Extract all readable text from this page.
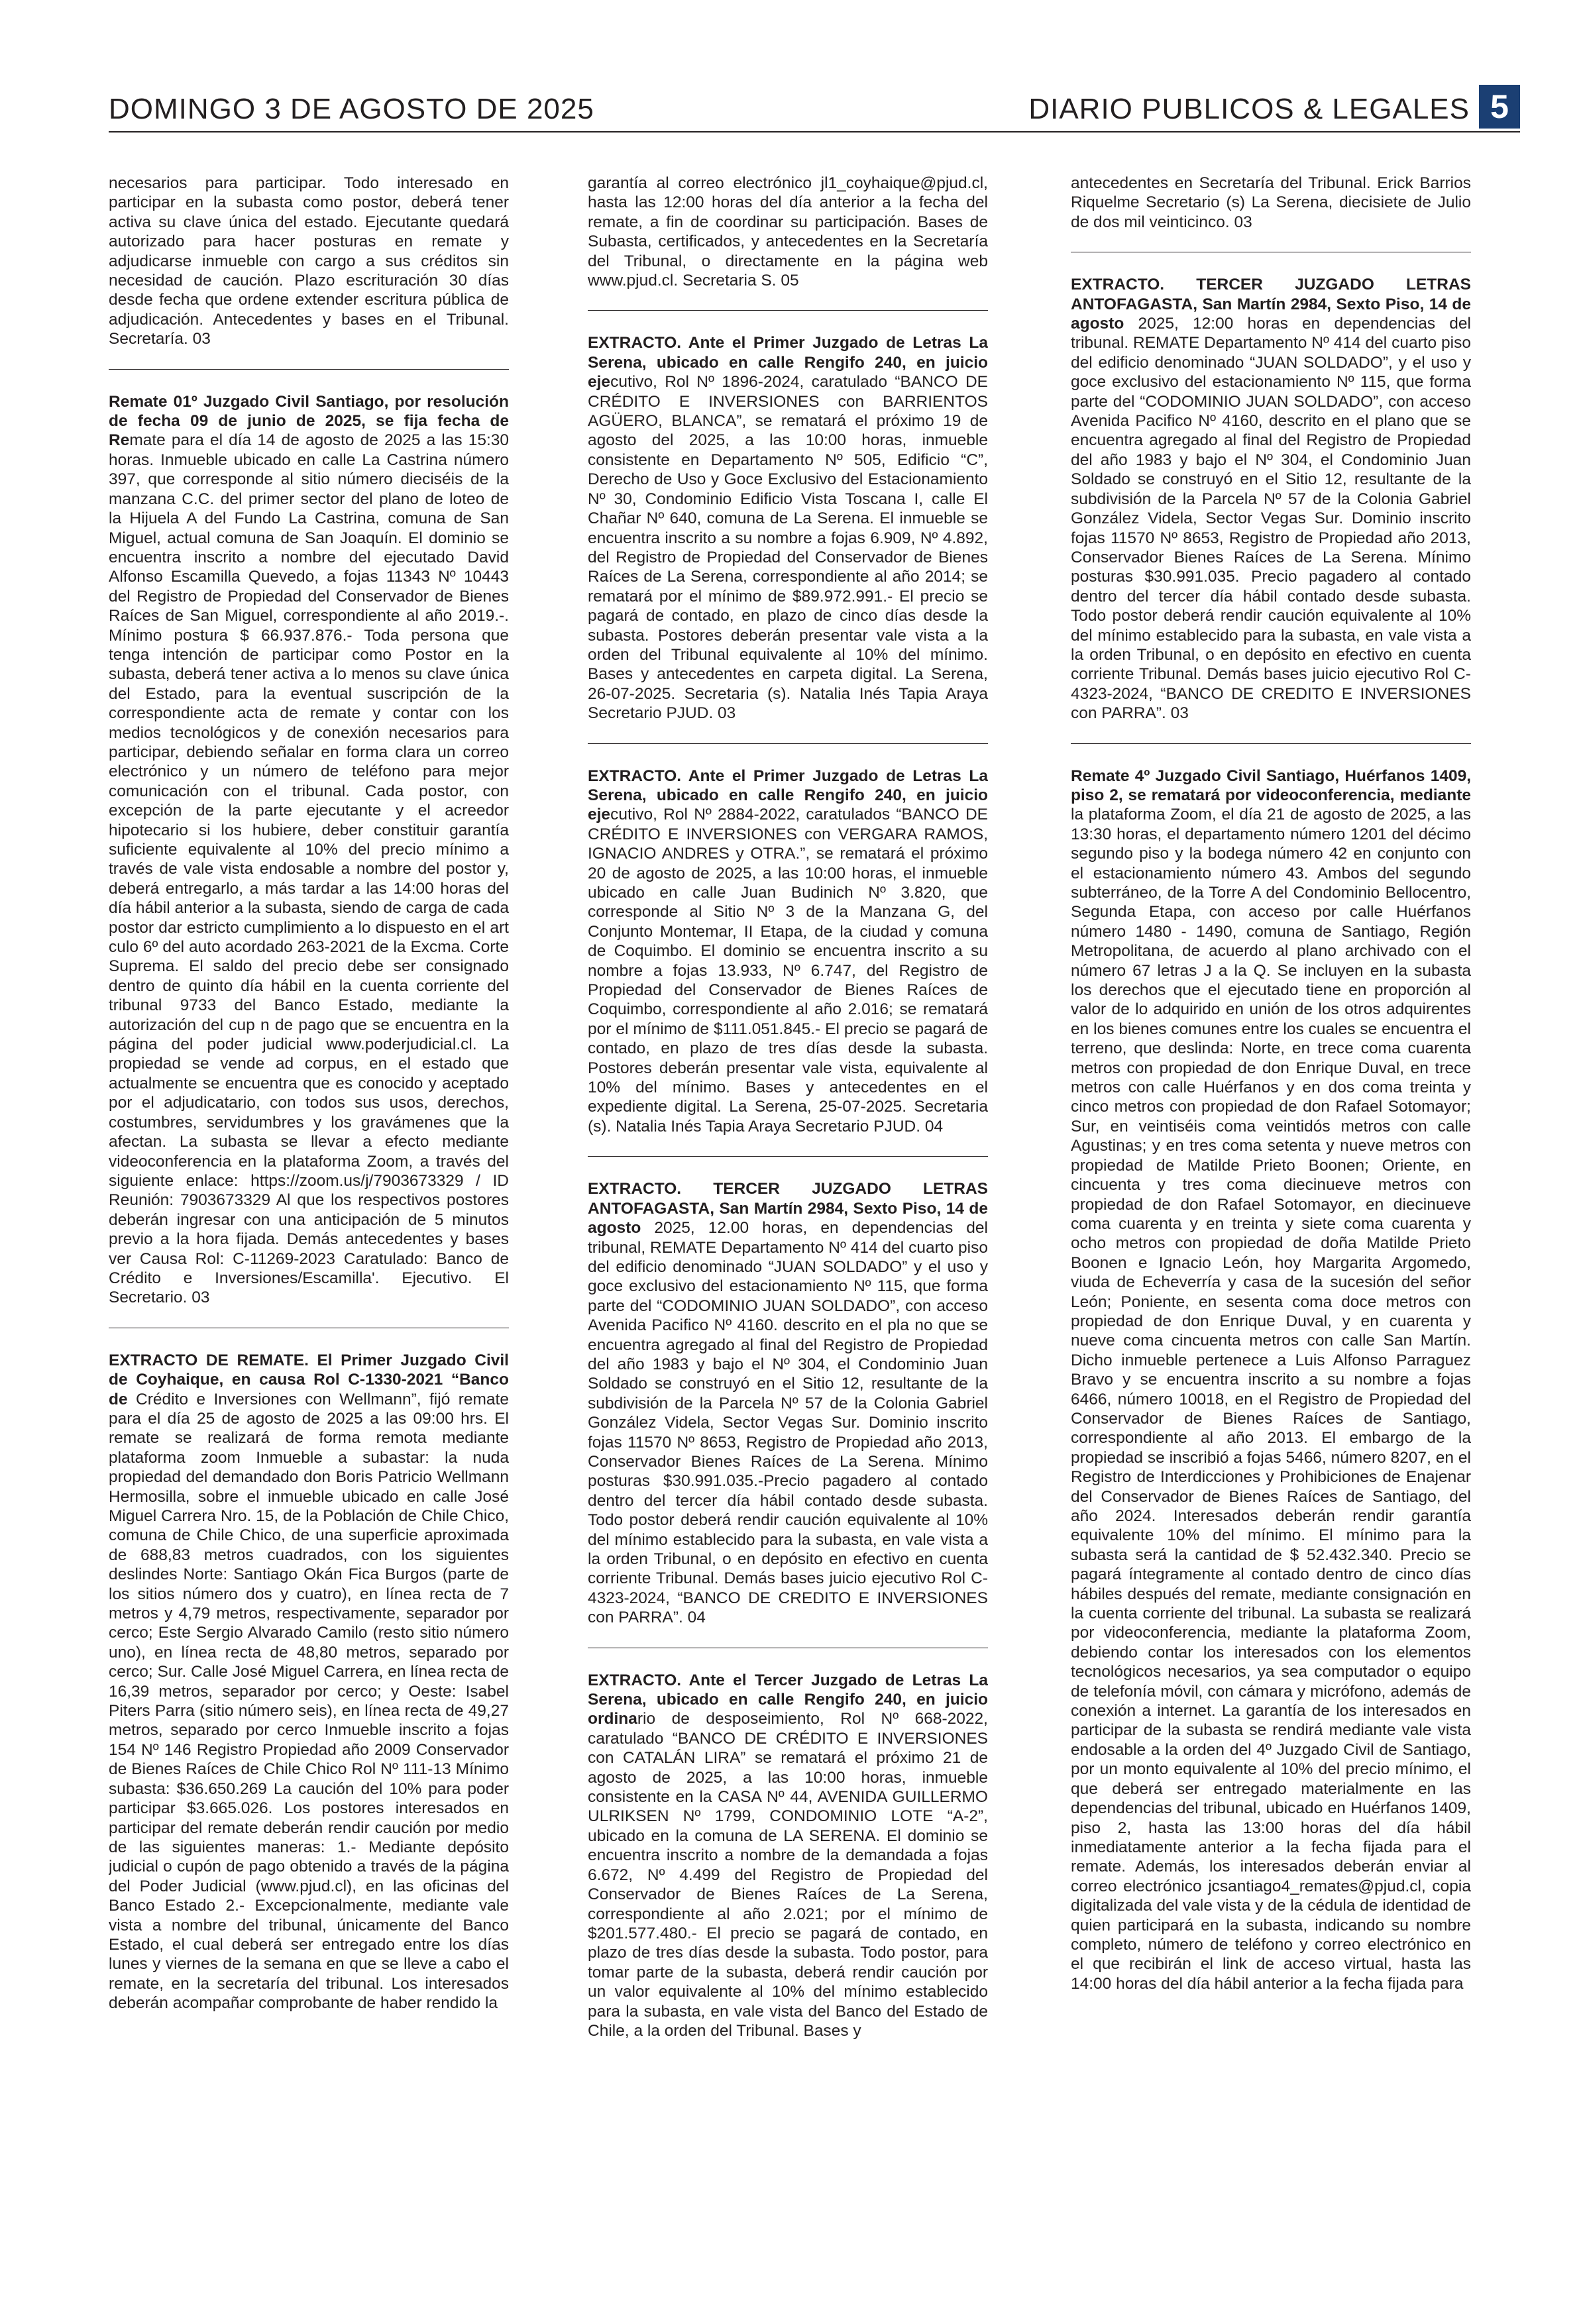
DOMINGO 3 DE AGOSTO DE 2025	DIARIO PUBLICOS & LEGALES 5

necesarios para participar. Todo interesado en participar en la subasta como postor, deberá tener activa su clave única del estado. Ejecutante quedará autorizado para hacer posturas en remate y adjudicarse inmueble con cargo a sus créditos sin necesidad de caución. Plazo escrituración 30 días desde fecha que ordene extender escritura pública de adjudicación. Antecedentes y bases en el Tribunal. Secretaría. 03

Remate 01º Juzgado Civil Santiago, por resolución de fecha 09 de junio de 2025, se fija fecha de Remate para el día 14 de agosto de 2025 a las 15:30 horas. Inmueble ubicado en calle La Castrina número 397, que corresponde al sitio número dieciséis de la manzana C.C. del primer sector del plano de loteo de la Hijuela A del Fundo La Castrina, comuna de San Miguel, actual comuna de San Joaquín. El dominio se encuentra inscrito a nombre del ejecutado David Alfonso Escamilla Quevedo, a fojas 11343 Nº 10443 del Registro de Propiedad del Conservador de Bienes Raíces de San Miguel, correspondiente al año 2019.-. Mínimo postura $ 66.937.876.- Toda persona que tenga intención de participar como Postor en la subasta, deberá tener activa a lo menos su clave única del Estado, para la eventual suscripción de la correspondiente acta de remate y contar con los medios tecnológicos y de conexión necesarios para participar, debiendo señalar en forma clara un correo electrónico y un número de teléfono para mejor comunicación con el tribunal. Cada postor, con excepción de la parte ejecutante y el acreedor hipotecario si los hubiere, deber constituir garantía suficiente equivalente al 10% del precio mínimo a través de vale vista endosable a nombre del postor y, deberá entregarlo, a más tardar a las 14:00 horas del día hábil anterior a la subasta, siendo de carga de cada postor dar estricto cumplimiento a lo dispuesto en el art culo 6º del auto acordado 263-2021 de la Excma. Corte Suprema. El saldo del precio debe ser consignado dentro de quinto día hábil en la cuenta corriente del tribunal 9733 del Banco Estado, mediante la autorización del cup n de pago que se encuentra en la página del poder judicial www.poderjudicial.cl. La propiedad se vende ad corpus, en el estado que actualmente se encuentra que es conocido y aceptado por el adjudicatario, con todos sus usos, derechos, costumbres, servidumbres y los gravámenes que la afectan. La subasta se llevar a efecto mediante videoconferencia en la plataforma Zoom, a través del siguiente enlace: https://zoom.us/j/7903673329 / ID Reunión: 7903673329 Al que los respectivos postores deberán ingresar con una anticipación de 5 minutos previo a la hora fijada. Demás antecedentes y bases ver Causa Rol: C-11269-2023 Caratulado: Banco de Crédito e Inversiones/Escamilla'. Ejecutivo. El Secretario. 03

EXTRACTO DE REMATE. El Primer Juzgado Civil de Coyhaique, en causa Rol C-1330-2021 “Banco de Crédito e Inversiones con Wellmann”, fijó remate para el día 25 de agosto de 2025 a las 09:00 hrs. El remate se realizará de forma remota mediante plataforma zoom Inmueble a subastar: la nuda propiedad del demandado don Boris Patricio Wellmann Hermosilla, sobre el inmueble ubicado en calle José Miguel Carrera Nro. 15, de la Población de Chile Chico, comuna de Chile Chico, de una superficie aproximada de 688,83 metros cuadrados, con los siguientes deslindes Norte: Santiago Okán Fica Burgos (parte de los sitios número dos y cuatro), en línea recta de 7 metros y 4,79 metros, respectivamente, separador por cerco; Este Sergio Alvarado Camilo (resto sitio número uno), en línea recta de 48,80 metros, separado por cerco; Sur. Calle José Miguel Carrera, en línea recta de 16,39 metros, separador por cerco; y Oeste: Isabel Piters Parra (sitio número seis), en línea recta de 49,27 metros, separado por cerco Inmueble inscrito a fojas 154 Nº 146 Registro Propiedad año 2009 Conservador de Bienes Raíces de Chile Chico Rol Nº 111-13 Mínimo subasta: $36.650.269 La caución del 10% para poder participar $3.665.026. Los postores interesados en participar del remate deberán rendir caución por medio de las siguientes maneras: 1.- Mediante depósito judicial o cupón de pago obtenido a través de la página del Poder Judicial (www.pjud.cl), en las oficinas del Banco Estado 2.- Excepcionalmente, mediante vale vista a nombre del tribunal, únicamente del Banco Estado, el cual deberá ser entregado entre los días lunes y viernes de la semana en que se lleve a cabo el remate, en la secretaría del tribunal. Los interesados deberán acompañar comprobante de haber rendido la

garantía al correo electrónico jl1_coyhaique@pjud.cl, hasta las 12:00 horas del día anterior a la fecha del remate, a fin de coordinar su participación. Bases de Subasta, certificados, y antecedentes en la Secretaría del Tribunal, o directamente en la página web www.pjud.cl. Secretaria S. 05

EXTRACTO. Ante el Primer Juzgado de Letras La Serena, ubicado en calle Rengifo 240, en juicio ejecutivo, Rol Nº 1896-2024, caratulado “BANCO DE CRÉDITO E INVERSIONES con BARRIENTOS AGÜERO, BLANCA”, se rematará el próximo 19 de agosto del 2025, a las 10:00 horas, inmueble consistente en Departamento Nº 505, Edificio “C”, Derecho de Uso y Goce Exclusivo del Estacionamiento Nº 30, Condominio Edificio Vista Toscana I, calle El Chañar Nº 640, comuna de La Serena. El inmueble se encuentra inscrito a su nombre a fojas 6.909, Nº 4.892, del Registro de Propiedad del Conservador de Bienes Raíces de La Serena, correspondiente al año 2014; se rematará por el mínimo de $89.972.991.- El precio se pagará de contado, en plazo de cinco días desde la subasta. Postores deberán presentar vale vista a la orden del Tribunal equivalente al 10% del mínimo. Bases y antecedentes en carpeta digital. La Serena, 26-07-2025. Secretaria (s). Natalia Inés Tapia Araya Secretario PJUD. 03

EXTRACTO. Ante el Primer Juzgado de Letras La Serena, ubicado en calle Rengifo 240, en juicio ejecutivo, Rol Nº 2884-2022, caratulados “BANCO DE CRÉDITO E INVERSIONES con VERGARA RAMOS, IGNACIO ANDRES y OTRA.”, se rematará el próximo 20 de agosto de 2025, a las 10:00 horas, el inmueble ubicado en calle Juan Budinich Nº 3.820, que corresponde al Sitio Nº 3 de la Manzana G, del Conjunto Montemar, II Etapa, de la ciudad y comuna de Coquimbo. El dominio se encuentra inscrito a su nombre a fojas 13.933, Nº 6.747, del Registro de Propiedad del Conservador de Bienes Raíces de Coquimbo, correspondiente al año 2.016; se rematará por el mínimo de $111.051.845.- El precio se pagará de contado, en plazo de tres días desde la subasta. Postores deberán presentar vale vista, equivalente al 10% del mínimo. Bases y antecedentes en el expediente digital. La Serena, 25-07-2025. Secretaria (s). Natalia Inés Tapia Araya Secretario PJUD. 04

EXTRACTO. TERCER JUZGADO LETRAS ANTOFAGASTA, San Martín 2984, Sexto Piso, 14 de agosto 2025, 12.00 horas, en dependencias del tribunal, REMATE Departamento Nº 414 del cuarto piso del edificio denominado “JUAN SOLDADO” y el uso y goce exclusivo del estacionamiento Nº 115, que forma parte del “CODOMINIO JUAN SOLDADO”, con acceso Avenida Pacifico Nº 4160. descrito en el pla no que se encuentra agregado al final del Registro de Propiedad del año 1983 y bajo el Nº 304, el Condominio Juan Soldado se construyó en el Sitio 12, resultante de la subdivisión de la Parcela Nº 57 de la Colonia Gabriel González Videla, Sector Vegas Sur. Dominio inscrito fojas 11570 Nº 8653, Registro de Propiedad año 2013, Conservador Bienes Raíces de La Serena. Mínimo posturas $30.991.035.-Precio pagadero al contado dentro del tercer día hábil contado desde subasta. Todo postor deberá rendir caución equivalente al 10% del mínimo establecido para la subasta, en vale vista a la orden Tribunal, o en depósito en efectivo en cuenta corriente Tribunal. Demás bases juicio ejecutivo Rol C-4323-2024, “BANCO DE CREDITO E INVERSIONES con PARRA”. 04

EXTRACTO. Ante el Tercer Juzgado de Letras La Serena, ubicado en calle Rengifo 240, en juicio ordinario de desposeimiento, Rol Nº 668-2022, caratulado “BANCO DE CRÉDITO E INVERSIONES con CATALÁN LIRA” se rematará el próximo 21 de agosto de 2025, a las 10:00 horas, inmueble consistente en la CASA Nº 44, AVENIDA GUILLERMO ULRIKSEN Nº 1799, CONDOMINIO LOTE “A-2”, ubicado en la comuna de LA SERENA. El dominio se encuentra inscrito a nombre de la demandada a fojas 6.672, Nº 4.499 del Registro de Propiedad del Conservador de Bienes Raíces de La Serena, correspondiente al año 2.021; por el mínimo de $201.577.480.- El precio se pagará de contado, en plazo de tres días desde la subasta. Todo postor, para tomar parte de la subasta, deberá rendir caución por un valor equivalente al 10% del mínimo establecido para la subasta, en vale vista del Banco del Estado de Chile, a la orden del Tribunal. Bases y

antecedentes en Secretaría del Tribunal. Erick Barrios Riquelme Secretario (s) La Serena, diecisiete de Julio de dos mil veinticinco. 03

EXTRACTO. TERCER JUZGADO LETRAS ANTOFAGASTA, San Martín 2984, Sexto Piso, 14 de agosto 2025, 12:00 horas en dependencias del tribunal. REMATE Departamento Nº 414 del cuarto piso del edificio denominado “JUAN SOLDADO”, y el uso y goce exclusivo del estacionamiento Nº 115, que forma parte del “CODOMINIO JUAN SOLDADO”, con acceso Avenida Pacifico Nº 4160, descrito en el plano que se encuentra agregado al final del Registro de Propiedad del año 1983 y bajo el Nº 304, el Condominio Juan Soldado se construyó en el Sitio 12, resultante de la subdivisión de la Parcela Nº 57 de la Colonia Gabriel González Videla, Sector Vegas Sur. Dominio inscrito fojas 11570 Nº 8653, Registro de Propiedad año 2013, Conservador Bienes Raíces de La Serena. Mínimo posturas $30.991.035. Precio pagadero al contado dentro del tercer día hábil contado desde subasta. Todo postor deberá rendir caución equivalente al 10% del mínimo establecido para la subasta, en vale vista a la orden Tribunal, o en depósito en efectivo en cuenta corriente Tribunal. Demás bases juicio ejecutivo Rol C-4323-2024, “BANCO DE CREDITO E INVERSIONES con PARRA”. 03

Remate 4º Juzgado Civil Santiago, Huérfanos 1409, piso 2, se rematará por videoconferencia, mediante la plataforma Zoom, el día 21 de agosto de 2025, a las 13:30 horas, el departamento número 1201 del décimo segundo piso y la bodega número 42 en conjunto con el estacionamiento número 43. Ambos del segundo subterráneo, de la Torre A del Condominio Bellocentro, Segunda Etapa, con acceso por calle Huérfanos número 1480 - 1490, comuna de Santiago, Región Metropolitana, de acuerdo al plano archivado con el número 67 letras J a la Q. Se incluyen en la subasta los derechos que el ejecutado tiene en proporción al valor de lo adquirido en unión de los otros adquirentes en los bienes comunes entre los cuales se encuentra el terreno, que deslinda: Norte, en trece coma cuarenta metros con propiedad de don Enrique Duval, en trece metros con calle Huérfanos y en dos coma treinta y cinco metros con propiedad de don Rafael Sotomayor; Sur, en veintiséis coma veintidós metros con calle Agustinas; y en tres coma setenta y nueve metros con propiedad de Matilde Prieto Boonen; Oriente, en cincuenta y tres coma diecinueve metros con propiedad de don Rafael Sotomayor, en diecinueve coma cuarenta y en treinta y siete coma cuarenta y ocho metros con propiedad de doña Matilde Prieto Boonen e Ignacio León, hoy Margarita Argomedo, viuda de Echeverría y casa de la sucesión del señor León; Poniente, en sesenta coma doce metros con propiedad de don Enrique Duval, y en cuarenta y nueve coma cincuenta metros con calle San Martín. Dicho inmueble pertenece a Luis Alfonso Parraguez Bravo y se encuentra inscrito a su nombre a fojas 6466, número 10018, en el Registro de Propiedad del Conservador de Bienes Raíces de Santiago, correspondiente al año 2013. El embargo de la propiedad se inscribió a fojas 5466, número 8207, en el Registro de Interdicciones y Prohibiciones de Enajenar del Conservador de Bienes Raíces de Santiago, del año 2024. Interesados deberán rendir garantía equivalente 10% del mínimo. El mínimo para la subasta será la cantidad de $ 52.432.340. Precio se pagará íntegramente al contado dentro de cinco días hábiles después del remate, mediante consignación en la cuenta corriente del tribunal. La subasta se realizará por videoconferencia, mediante la plataforma Zoom, debiendo contar los interesados con los elementos tecnológicos necesarios, ya sea computador o equipo de telefonía móvil, con cámara y micrófono, además de conexión a internet. La garantía de los interesados en participar de la subasta se rendirá mediante vale vista endosable a la orden del 4º Juzgado Civil de Santiago, por un monto equivalente al 10% del precio mínimo, el que deberá ser entregado materialmente en las dependencias del tribunal, ubicado en Huérfanos 1409, piso 2, hasta las 13:00 horas del día hábil inmediatamente anterior a la fecha fijada para el remate. Además, los interesados deberán enviar al correo electrónico jcsantiago4_remates@pjud.cl, copia digitalizada del vale vista y de la cédula de identidad de quien participará en la subasta, indicando su nombre completo, número de teléfono y correo electrónico en el que recibirán el link de acceso virtual, hasta las 14:00 horas del día hábil anterior a la fecha fijada para
